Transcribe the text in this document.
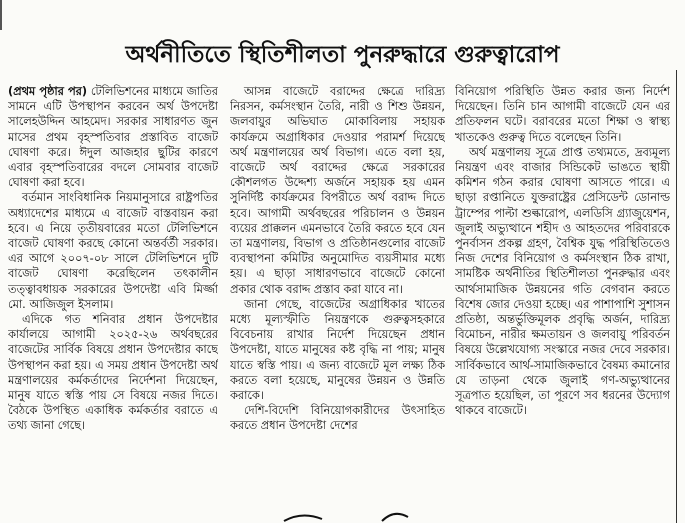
অর্থনীতিতে স্থিতিশীলতা পুনরুদ্ধারে গুরুত্বারোপ

(প্রথম পৃষ্ঠার পর) টেলিভিশনের মাধ্যমে জাতির সামনে এটি উপস্থাপন করবেন অর্থ উপদেষ্টা সালেহউদ্দিন আহমেদ। সরকার সাধারণত জুন মাসের প্রথম বৃহস্পতিবার প্রস্তাবিত বাজেট ঘোষণা করে। ঈদুল আজহার ছুটির কারণে এবার বৃহস্পতিবারের বদলে সোমবার বাজেট ঘোষণা করা হবে।

বর্তমান সাংবিধানিক নিয়মানুসারে রাষ্ট্রপতির অধ্যাদেশের মাধ্যমে এ বাজেট বাস্তবায়ন করা হবে। এ নিয়ে তৃতীয়বারের মতো টেলিভিশনে বাজেট ঘোষণা করছে কোনো অন্তর্বর্তী সরকার। এর আগে ২০০৭-০৮ সালে টেলিভিশনে দুটি বাজেট ঘোষণা করেছিলেন তৎকালীন তত্ত্বাবধায়ক সরকারের উপদেষ্টা এবি মির্জ্জা মো. আজিজুল ইসলাম।

এদিকে গত শনিবার প্রধান উপদেষ্টার কার্যালয়ে আগামী ২০২৫-২৬ অর্থবছরের বাজেটের সার্বিক বিষয়ে প্রধান উপদেষ্টার কাছে উপস্থাপন করা হয়। এ সময় প্রধান উপদেষ্টা অর্থ মন্ত্রণালয়ের কর্মকর্তাদের নির্দেশনা দিয়েছেন, মানুষ যাতে স্বস্তি পায় সে বিষয়ে নজর দিতে। বৈঠকে উপস্থিত একাধিক কর্মকর্তার বরাতে এ তথ্য জানা গেছে।

আসন্ন বাজেটে বরাদ্দের ক্ষেত্রে দারিদ্র্য নিরসন, কর্মসংস্থান তৈরি, নারী ও শিশু উন্নয়ন, জলবায়ুর অভিঘাত মোকাবিলায় সহায়ক কার্যক্রমে অগ্রাধিকার দেওয়ার পরামর্শ দিয়েছে অর্থ মন্ত্রণালয়ের অর্থ বিভাগ। এতে বলা হয়, বাজেটে অর্থ বরাদ্দের ক্ষেত্রে সরকারের কৌশলগত উদ্দেশ্য অর্জনে সহায়ক হয় এমন সুনির্দিষ্ট কার্যক্রমের বিপরীতে অর্থ বরাদ্দ দিতে হবে। আগামী অর্থবছরের পরিচালন ও উন্নয়ন ব্যয়ের প্রাক্কলন এমনভাবে তৈরি করতে হবে যেন তা মন্ত্রণালয়, বিভাগ ও প্রতিষ্ঠানগুলোর বাজেট ব্যবস্থাপনা কমিটির অনুমোদিত ব্যয়সীমার মধ্যে হয়। এ ছাড়া সাধারণভাবে বাজেটে কোনো প্রকার থোক বরাদ্দ প্রস্তাব করা যাবে না।

জানা গেছে, বাজেটের অগ্রাধিকার খাতের মধ্যে মূল্যস্ফীতি নিয়ন্ত্রণকে গুরুত্বসহকারে বিবেচনায় রাখার নির্দেশ দিয়েছেন প্রধান উপদেষ্টা, যাতে মানুষের কষ্ট বৃদ্ধি না পায়; মানুষ যাতে স্বস্তি পায়। এ জন্য বাজেটে মূল লক্ষ্য ঠিক করতে বলা হয়েছে, মানুষের উন্নয়ন ও উন্নতি করাকে।

দেশি-বিদেশি বিনিয়োগকারীদের উৎসাহিত করতে প্রধান উপদেষ্টা দেশের

বিনিয়োগ পরিস্থিতি উন্নত করার জন্য নির্দেশ দিয়েছেন। তিনি চান আগামী বাজেটে যেন এর প্রতিফলন ঘটে। বরাবরের মতো শিক্ষা ও স্বাস্থ্য খাতকেও গুরুত্ব দিতে বলেছেন তিনি।

অর্থ মন্ত্রণালয় সূত্রে প্রাপ্ত তথ্যমতে, দ্রব্যমূল্য নিয়ন্ত্রণ এবং বাজার সিন্ডিকেট ভাঙতে স্থায়ী কমিশন গঠন করার ঘোষণা আসতে পারে। এ ছাড়া রপ্তানিতে যুক্তরাষ্ট্রের প্রেসিডেন্ট ডোনাল্ড ট্রাম্পের পাল্টা শুল্কারোপ, এলডিসি গ্র্যাজুয়েশন, জুলাই অভ্যুত্থানে শহীদ ও আহতদের পরিবারকে পুনর্বাসন প্রকল্প গ্রহণ, বৈশ্বিক যুদ্ধ পরিস্থিতিতেও নিজ দেশের বিনিয়োগ ও কর্মসংস্থান ঠিক রাখা, সামষ্টিক অর্থনীতির স্থিতিশীলতা পুনরুদ্ধার এবং আর্থসামাজিক উন্নয়নের গতি বেগবান করতে বিশেষ জোর দেওয়া হচ্ছে। এর পাশাপাশি সুশাসন প্রতিষ্ঠা, অন্তর্ভুক্তিমূলক প্রবৃদ্ধি অর্জন, দারিদ্র্য বিমোচন, নারীর ক্ষমতায়ন ও জলবায়ু পরিবর্তন বিষয়ে উল্লেখযোগ্য সংস্কারে নজর দেবে সরকার। সার্বিকভাবে আর্থ-সামাজিকভাবে বৈষম্য কমানোর যে তাড়না থেকে জুলাই গণ-অভ্যুত্থানের সূত্রপাত হয়েছিল, তা পূরণে সব ধরনের উদ্যোগ থাকবে বাজেটে।
